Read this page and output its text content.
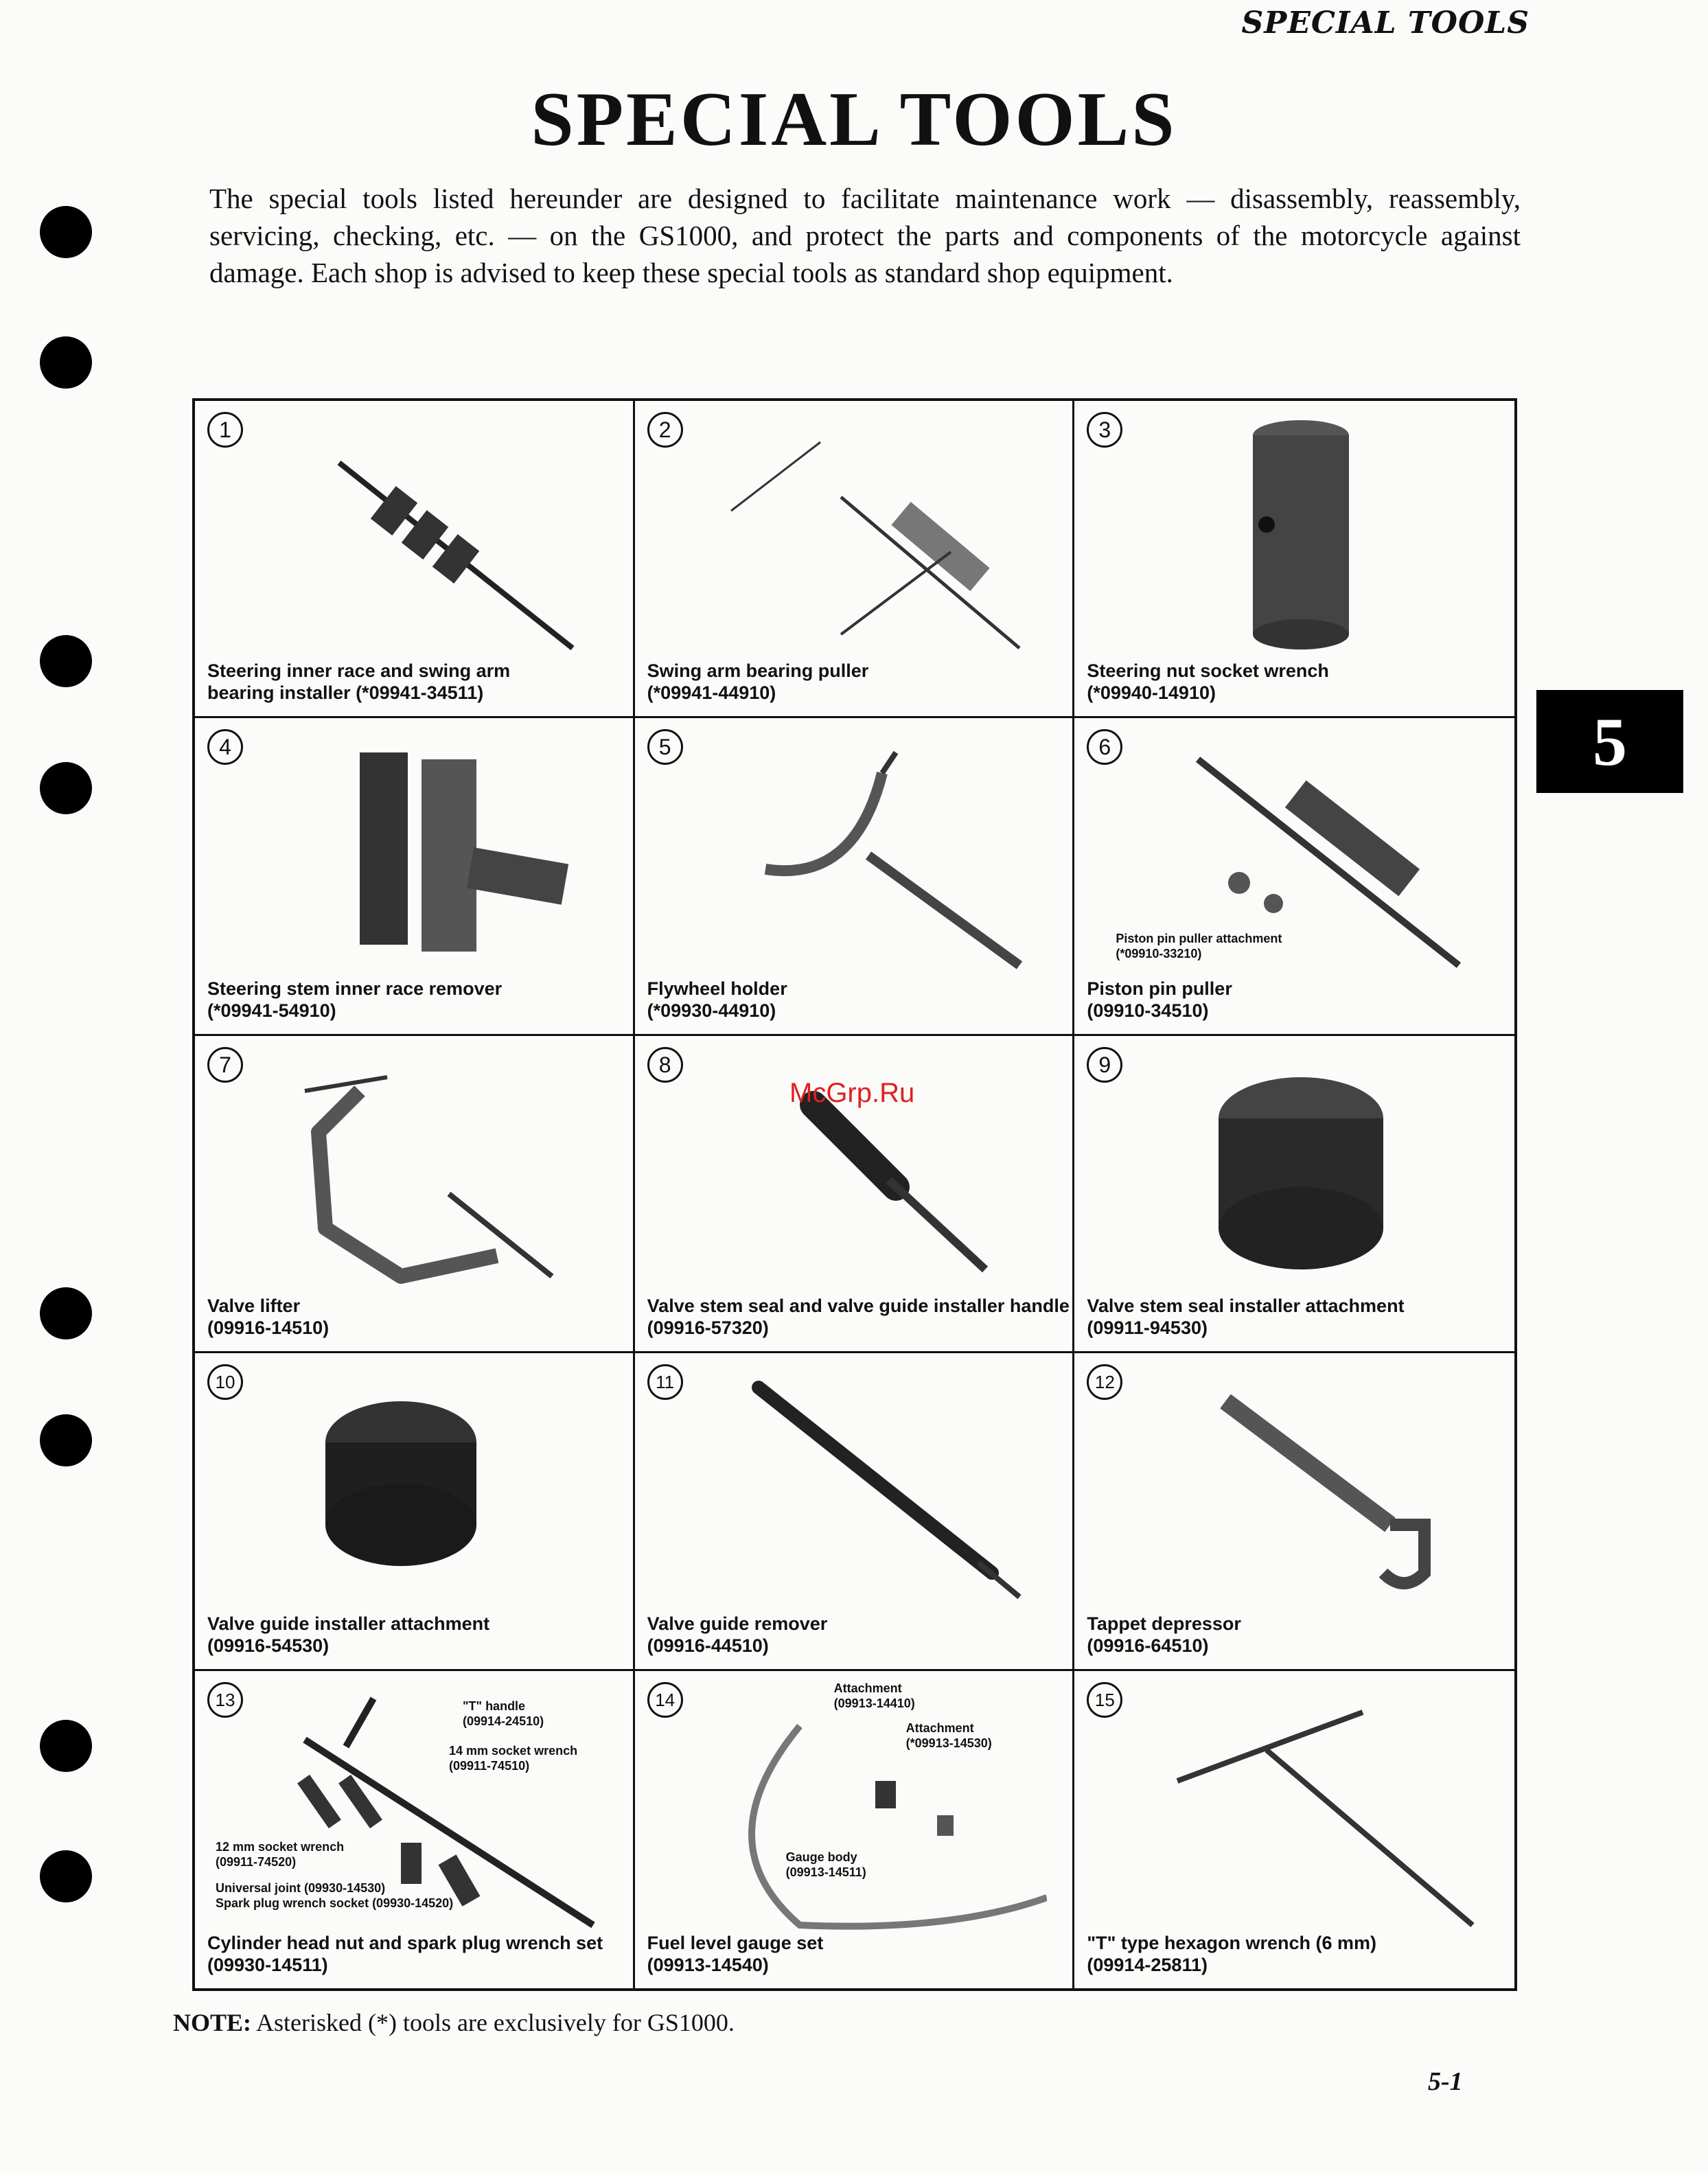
SPECIAL TOOLS
SPECIAL TOOLS
The special tools listed hereunder are designed to facilitate maintenance work — disassembly, reassembly, servicing, checking, etc. — on the GS1000, and protect the parts and components of the motorcycle against damage. Each shop is advised to keep these special tools as standard shop equipment.
5
1
Steering inner race and swing arm
bearing installer (*09941-34511)
2
Swing arm bearing puller
(*09941-44910)
3
Steering nut socket wrench
(*09940-14910)
4
Steering stem inner race remover
(*09941-54910)
5
Flywheel holder
(*09930-44910)
6
Piston pin puller attachment
(*09910-33210)
Piston pin puller
(09910-34510)
7
Valve lifter
(09916-14510)
8
Valve stem seal and valve guide installer handle
(09916-57320)
9
Valve stem seal installer attachment
(09911-94530)
10
Valve guide installer attachment
(09916-54530)
11
Valve guide remover
(09916-44510)
12
Tappet depressor
(09916-64510)
13	"T" handle
(09914-24510)
14 mm socket wrench
(09911-74510)
12 mm socket wrench
(09911-74520)
Universal joint (09930-14530)
Spark plug wrench socket (09930-14520)
Cylinder head nut and spark plug wrench set
(09930-14511)
14
Attachment
(09913-14410)
Attachment
(*09913-14530)
Gauge body
(09913-14511)
Fuel level gauge set
(09913-14540)
15
"T" type hexagon wrench (6 mm)
(09914-25811)
McGrp.Ru
NOTE: Asterisked (*) tools are exclusively for GS1000.
5-1
